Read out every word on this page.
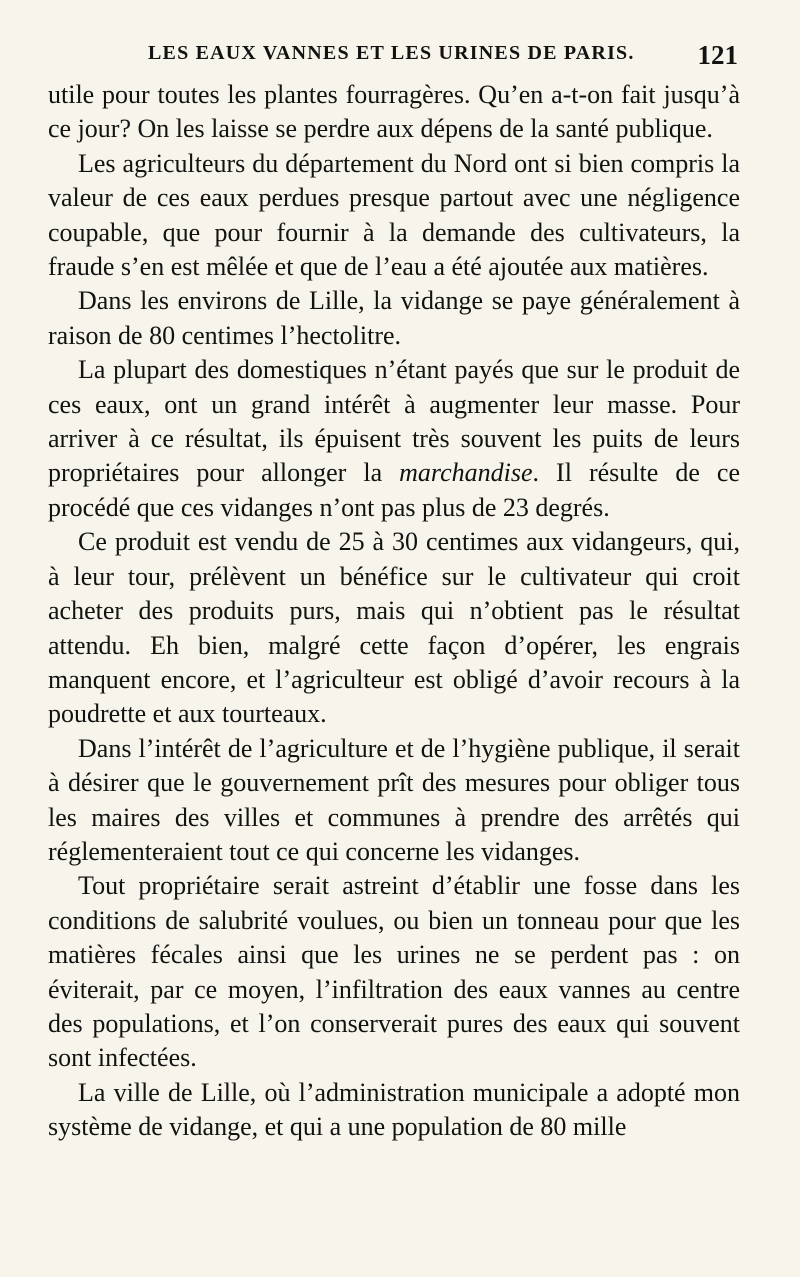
LES EAUX VANNES ET LES URINES DE PARIS. 121

utile pour toutes les plantes fourragères. Qu’en a-t-on fait jusqu’à ce jour? On les laisse se perdre aux dépens de la santé publique.

Les agriculteurs du département du Nord ont si bien compris la valeur de ces eaux perdues presque partout avec une négligence coupable, que pour fournir à la demande des cultivateurs, la fraude s’en est mêlée et que de l’eau a été ajoutée aux matières.

Dans les environs de Lille, la vidange se paye généralement à raison de 80 centimes l’hectolitre.

La plupart des domestiques n’étant payés que sur le produit de ces eaux, ont un grand intérêt à augmenter leur masse. Pour arriver à ce résultat, ils épuisent très souvent les puits de leurs propriétaires pour allonger la marchandise. Il résulte de ce procédé que ces vidanges n’ont pas plus de 23 degrés.

Ce produit est vendu de 25 à 30 centimes aux vidangeurs, qui, à leur tour, prélèvent un bénéfice sur le cultivateur qui croit acheter des produits purs, mais qui n’obtient pas le résultat attendu. Eh bien, malgré cette façon d’opérer, les engrais manquent encore, et l’agriculteur est obligé d’avoir recours à la poudrette et aux tourteaux.

Dans l’intérêt de l’agriculture et de l’hygiène publique, il serait à désirer que le gouvernement prît des mesures pour obliger tous les maires des villes et communes à prendre des arrêtés qui réglementeraient tout ce qui concerne les vidanges.

Tout propriétaire serait astreint d’établir une fosse dans les conditions de salubrité voulues, ou bien un tonneau pour que les matières fécales ainsi que les urines ne se perdent pas : on éviterait, par ce moyen, l’infiltration des eaux vannes au centre des populations, et l’on conserverait pures des eaux qui souvent sont infectées.

La ville de Lille, où l’administration municipale a adopté mon système de vidange, et qui a une population de 80 mille
